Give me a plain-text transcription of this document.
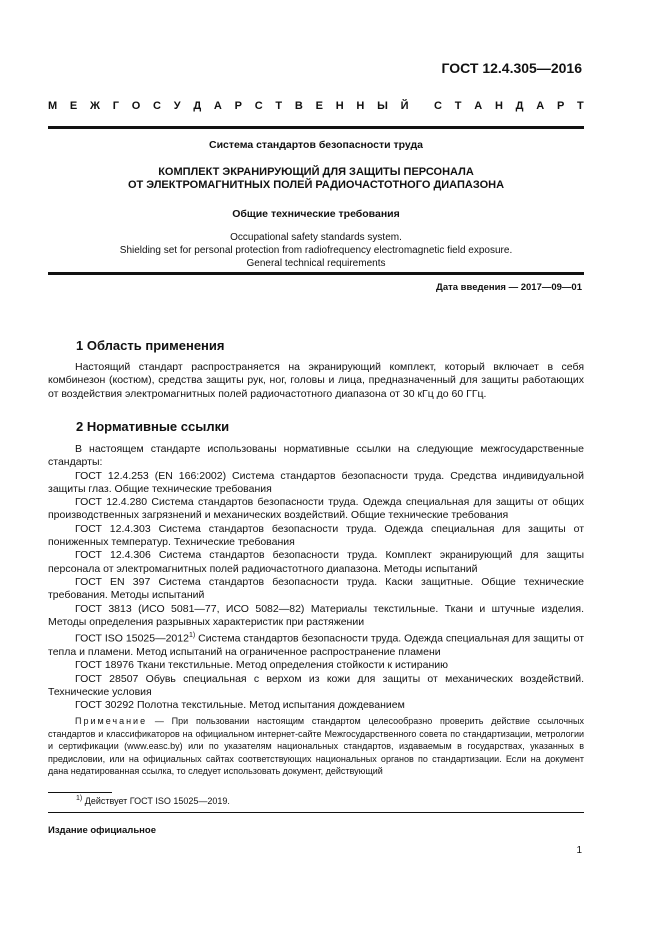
ГОСТ 12.4.305—2016
М Е Ж Г О С У Д А Р С Т В Е Н Н Ы Й С Т А Н Д А Р Т
Система стандартов безопасности труда
КОМПЛЕКТ ЭКРАНИРУЮЩИЙ ДЛЯ ЗАЩИТЫ ПЕРСОНАЛА
ОТ ЭЛЕКТРОМАГНИТНЫХ ПОЛЕЙ РАДИОЧАСТОТНОГО ДИАПАЗОНА
Общие технические требования
Occupational safety standards system.
Shielding set for personal protection from radiofrequency electromagnetic field exposure.
General technical requirements
Дата введения — 2017—09—01
1 Область применения

Настоящий стандарт распространяется на экранирующий комплект, который включает в себя комбинезон (костюм), средства защиты рук, ног, головы и лица, предназначенный для защиты работающих от воздействия электромагнитных полей радиочастотного диапазона от 30 кГц до 60 ГГц.

2 Нормативные ссылки

В настоящем стандарте использованы нормативные ссылки на следующие межгосударственные стандарты:

ГОСТ 12.4.253 (EN 166:2002) Система стандартов безопасности труда. Средства индивидуальной защиты глаз. Общие технические требования

ГОСТ 12.4.280 Система стандартов безопасности труда. Одежда специальная для защиты от общих производственных загрязнений и механических воздействий. Общие технические требования

ГОСТ 12.4.303 Система стандартов безопасности труда. Одежда специальная для защиты от пониженных температур. Технические требования

ГОСТ 12.4.306 Система стандартов безопасности труда. Комплект экранирующий для защиты персонала от электромагнитных полей радиочастотного диапазона. Методы испытаний

ГОСТ EN 397 Система стандартов безопасности труда. Каски защитные. Общие технические требования. Методы испытаний

ГОСТ 3813 (ИСО 5081—77, ИСО 5082—82) Материалы текстильные. Ткани и штучные изделия. Методы определения разрывных характеристик при растяжении

ГОСТ ISO 15025—2012$^{1)}$ Система стандартов безопасности труда. Одежда специальная для защиты от тепла и пламени. Метод испытаний на ограниченное распространение пламени

ГОСТ 18976 Ткани текстильные. Метод определения стойкости к истиранию

ГОСТ 28507 Обувь специальная с верхом из кожи для защиты от механических воздействий. Технические условия

ГОСТ 30292 Полотна текстильные. Метод испытания дождеванием

Примечание — При пользовании настоящим стандартом целесообразно проверить действие ссылочных стандартов и классификаторов на официальном интернет-сайте Межгосударственного совета по стандартизации, метрологии и сертификации (www.easc.by) или по указателям национальных стандартов, издаваемым в государствах, указанных в предисловии, или на официальных сайтах соответствующих национальных органов по стандартизации. Если на документ дана недатированная ссылка, то следует использовать документ, действующий

$^{1)}$ Действует ГОСТ ISO 15025—2019.
Издание официальное
1
